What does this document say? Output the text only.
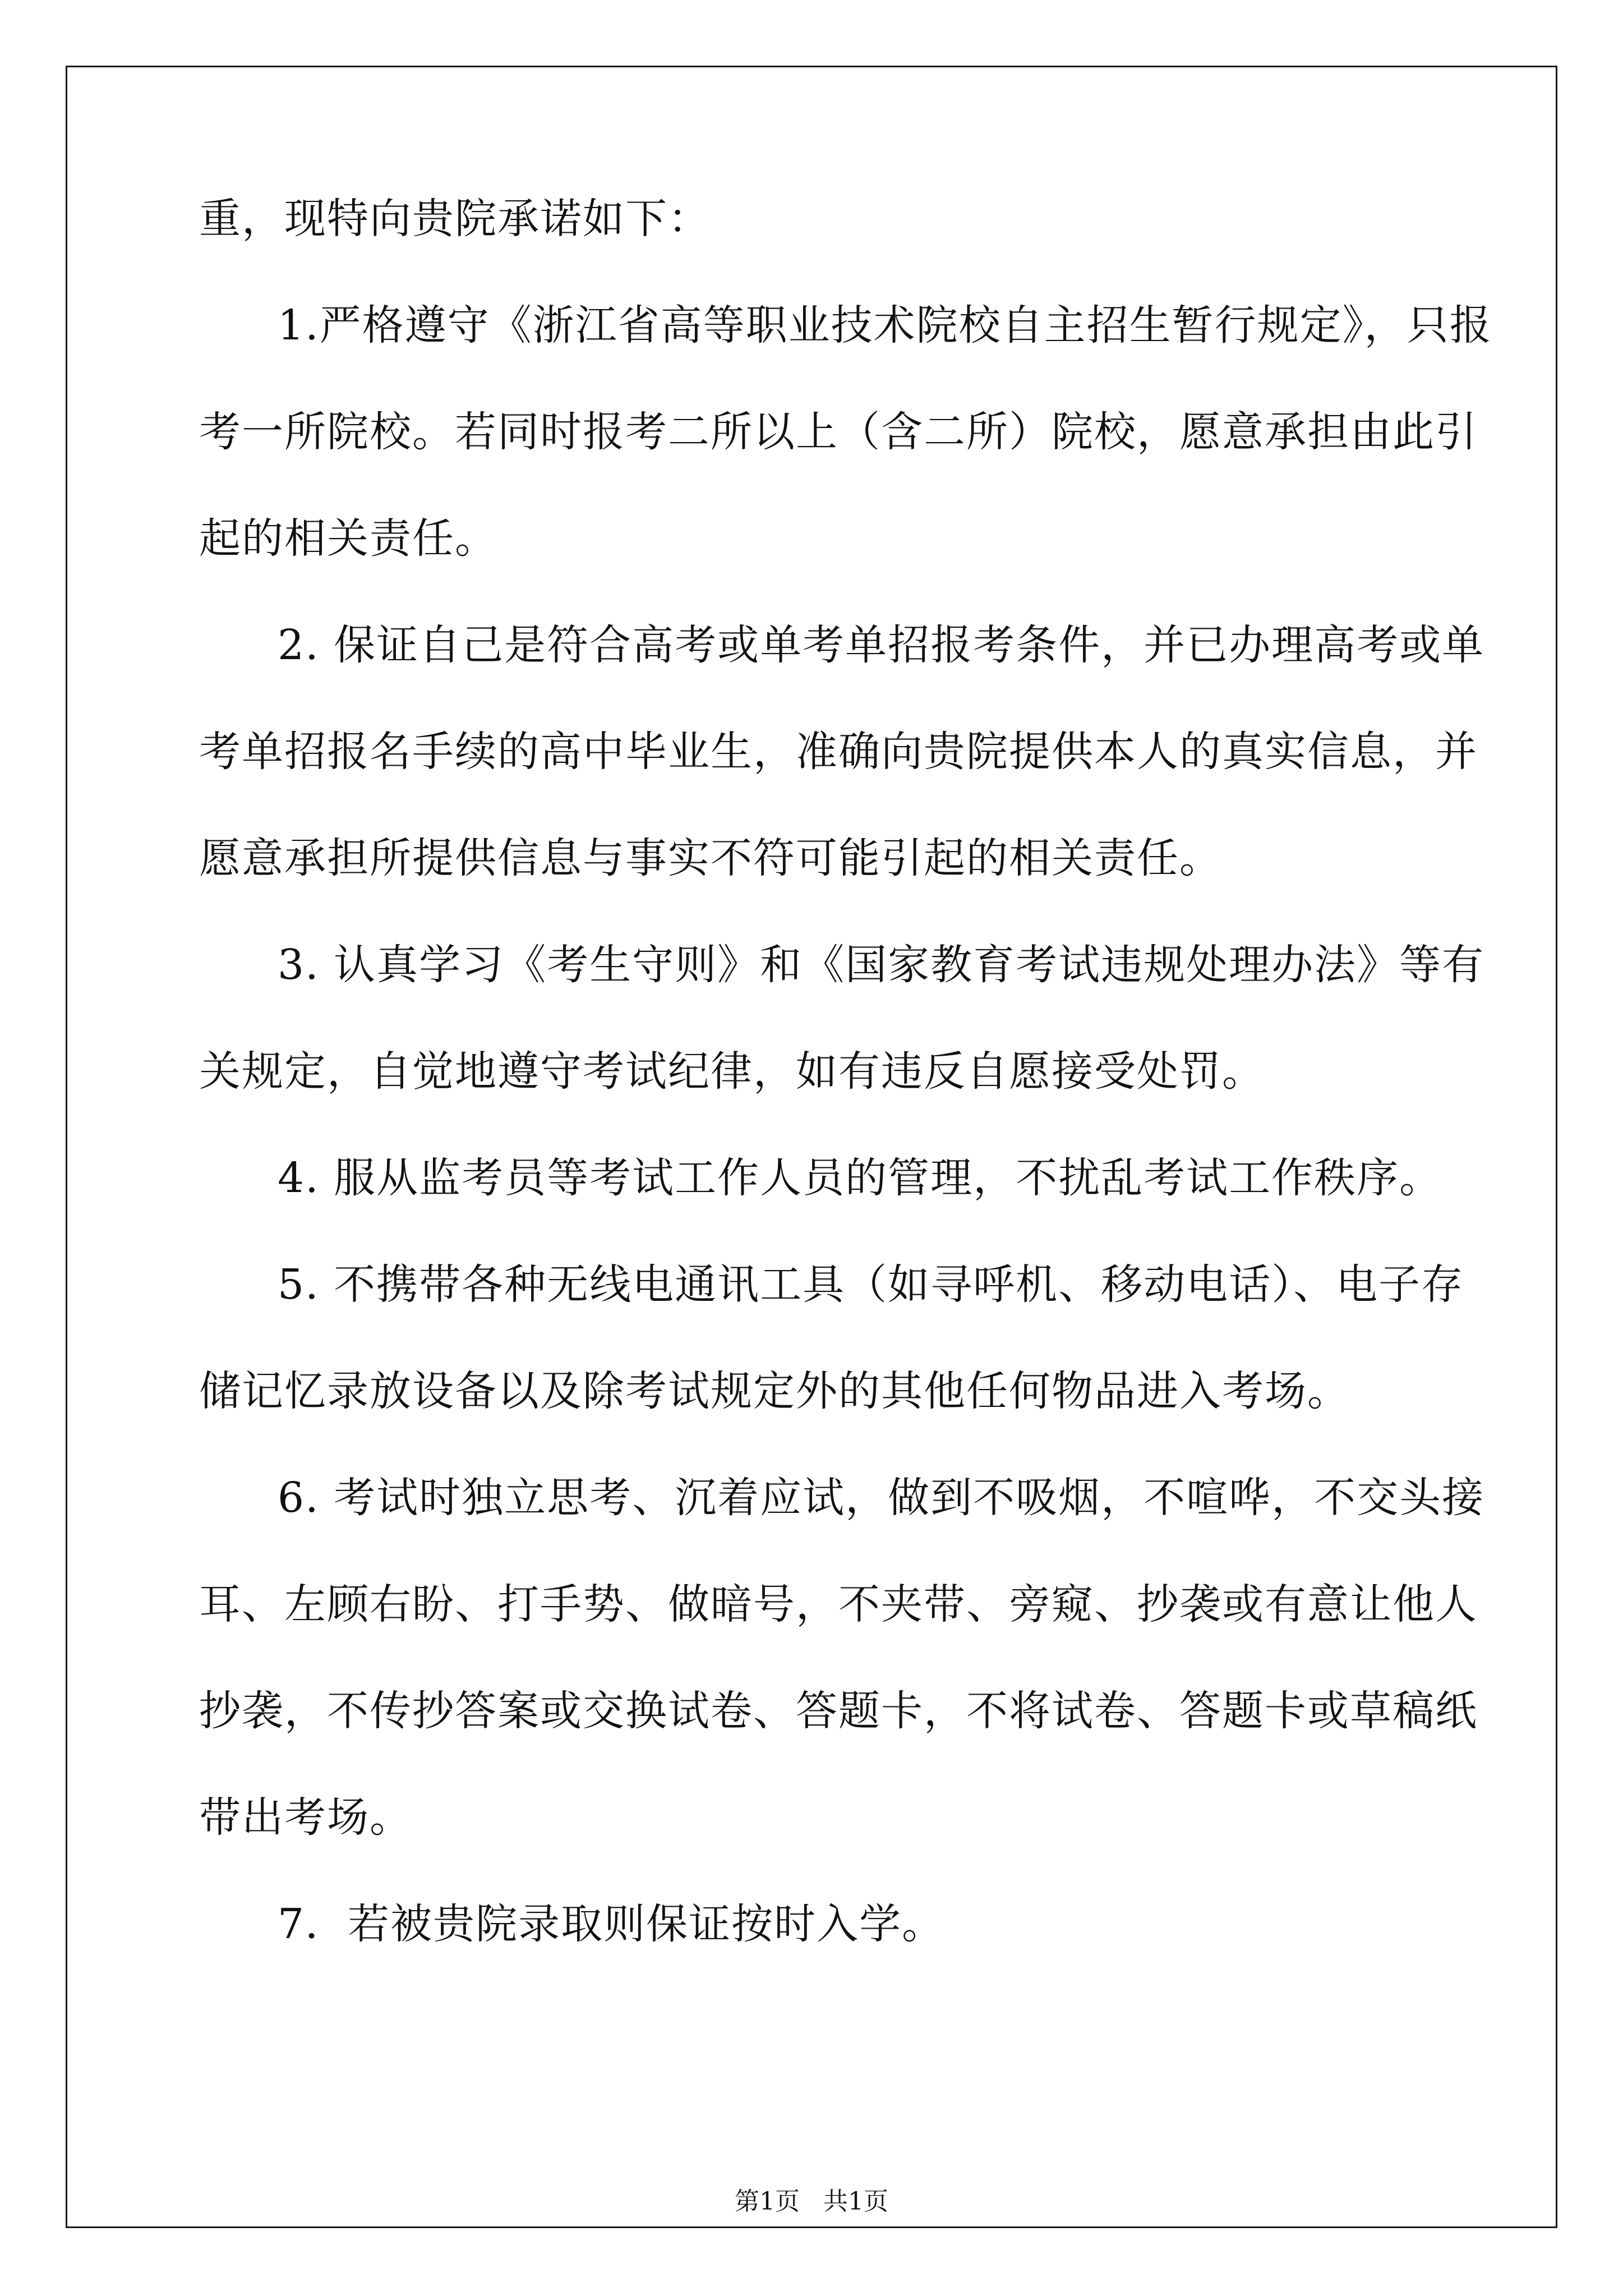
重，现特向贵院承诺如下：
1.严格遵守《浙江省高等职业技术院校自主招生暂行规定》，只报
考一所院校。若同时报考二所以上（含二所）院校，愿意承担由此引
起的相关责任。
2. 保证自己是符合高考或单考单招报考条件，并已办理高考或单
考单招报名手续的高中毕业生，准确向贵院提供本人的真实信息，并
愿意承担所提供信息与事实不符可能引起的相关责任。
3. 认真学习《考生守则》和《国家教育考试违规处理办法》等有
关规定，自觉地遵守考试纪律，如有违反自愿接受处罚。
4. 服从监考员等考试工作人员的管理，不扰乱考试工作秩序。
5. 不携带各种无线电通讯工具（如寻呼机、移动电话）、电子存
储记忆录放设备以及除考试规定外的其他任何物品进入考场。
6. 考试时独立思考、沉着应试，做到不吸烟，不喧哗，不交头接
耳、左顾右盼、打手势、做暗号，不夹带、旁窥、抄袭或有意让他人
抄袭，不传抄答案或交换试卷、答题卡，不将试卷、答题卡或草稿纸
带出考场。
7．若被贵院录取则保证按时入学。
第1页   共1页
